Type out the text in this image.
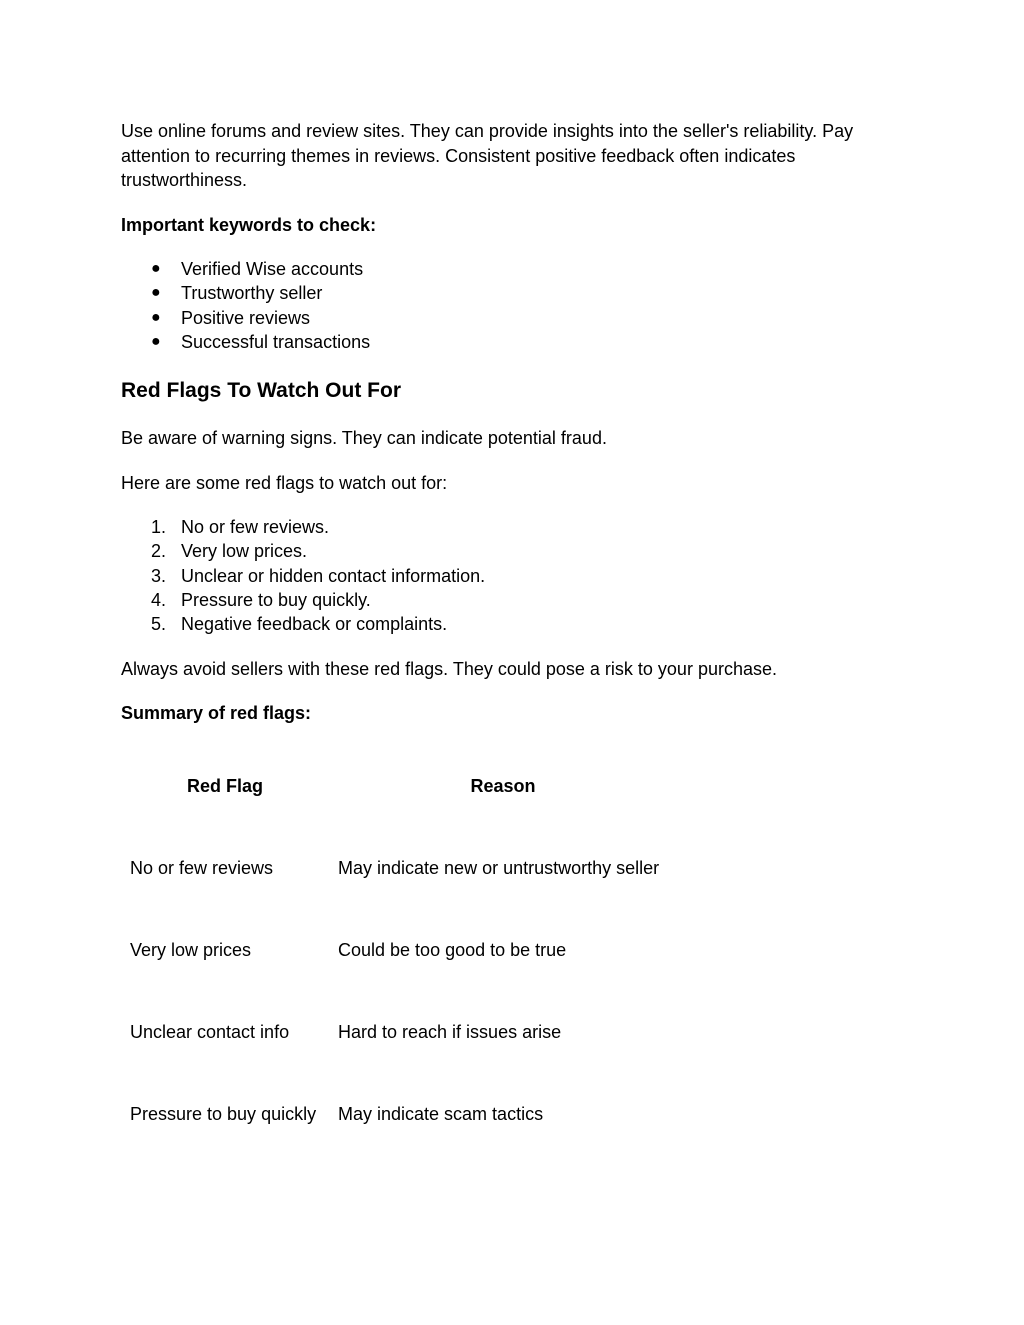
Use online forums and review sites. They can provide insights into the seller's reliability. Pay attention to recurring themes in reviews. Consistent positive feedback often indicates trustworthiness.

Important keywords to check:

● Verified Wise accounts
● Trustworthy seller
● Positive reviews
● Successful transactions
Red Flags To Watch Out For

Be aware of warning signs. They can indicate potential fraud.

Here are some red flags to watch out for:

1. No or few reviews.
2. Very low prices.
3. Unclear or hidden contact information.
4. Pressure to buy quickly.
5. Negative feedback or complaints.

Always avoid sellers with these red flags. They could pose a risk to your purchase.

Summary of red flags:

Red Flag	Reason
No or few reviews	May indicate new or untrustworthy seller
Very low prices	Could be too good to be true
Unclear contact info	Hard to reach if issues arise
Pressure to buy quickly	May indicate scam tactics
